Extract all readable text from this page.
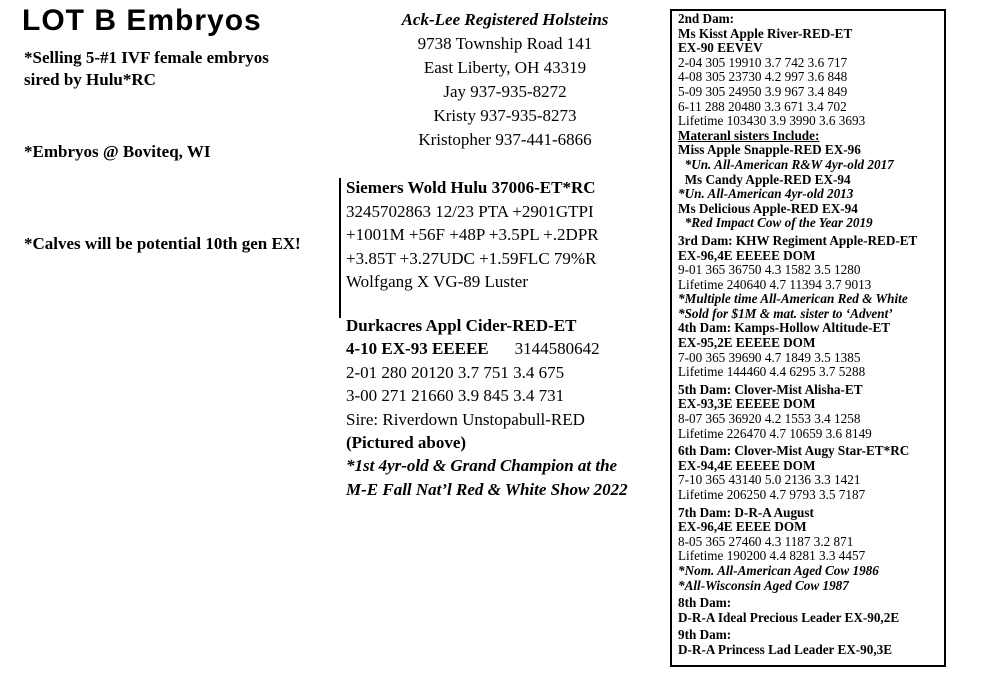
LOT B Embryos
*Selling 5-#1 IVF female embryos
sired by Hulu*RC
*Embryos @ Boviteq, WI
*Calves will be potential 10th gen EX!
Ack-Lee Registered Holsteins
9738 Township Road 141
East Liberty, OH 43319
Jay 937-935-8272
Kristy 937-935-8273
Kristopher 937-441-6866
Siemers Wold Hulu 37006-ET*RC
3245702863 12/23 PTA +2901GTPI
+1001M +56F +48P +3.5PL +.2DPR
+3.85T +3.27UDC +1.59FLC 79%R
Wolfgang X VG-89 Luster
Durkacres Appl Cider-RED-ET
4-10 EX-93 EEEEE 3144580642
2-01 280 20120 3.7 751 3.4 675
3-00 271 21660 3.9 845 3.4 731
Sire: Riverdown Unstopabull-RED
(Pictured above)
*1st 4yr-old & Grand Champion at the
M-E Fall Nat’l Red & White Show 2022
2nd Dam:
Ms Kisst Apple River-RED-ET
EX-90 EEVEV
2-04 305 19910 3.7 742 3.6 717
4-08 305 23730 4.2 997 3.6 848
5-09 305 24950 3.9 967 3.4 849
6-11 288 20480 3.3 671 3.4 702
Lifetime 103430 3.9 3990 3.6 3693
Materanl sisters Include:
Miss Apple Snapple-RED EX-96
*Un. All-American R&W 4yr-old 2017
Ms Candy Apple-RED EX-94
*Un. All-American 4yr-old 2013
Ms Delicious Apple-RED EX-94
*Red Impact Cow of the Year 2019
3rd Dam: KHW Regiment Apple-RED-ET
EX-96,4E EEEEE DOM
9-01 365 36750 4.3 1582 3.5 1280
Lifetime 240640 4.7 11394 3.7 9013
*Multiple time All-American Red & White
*Sold for $1M & mat. sister to ‘Advent’
4th Dam: Kamps-Hollow Altitude-ET
EX-95,2E EEEEE DOM
7-00 365 39690 4.7 1849 3.5 1385
Lifetime 144460 4.4 6295 3.7 5288
5th Dam: Clover-Mist Alisha-ET
EX-93,3E EEEEE DOM
8-07 365 36920 4.2 1553 3.4 1258
Lifetime 226470 4.7 10659 3.6 8149
6th Dam: Clover-Mist Augy Star-ET*RC
EX-94,4E EEEEE DOM
7-10 365 43140 5.0 2136 3.3 1421
Lifetime 206250 4.7 9793 3.5 7187
7th Dam: D-R-A August
EX-96,4E EEEE DOM
8-05 365 27460 4.3 1187 3.2 871
Lifetime 190200 4.4 8281 3.3 4457
*Nom. All-American Aged Cow 1986
*All-Wisconsin Aged Cow 1987
8th Dam:
D-R-A Ideal Precious Leader EX-90,2E
9th Dam:
D-R-A Princess Lad Leader EX-90,3E
